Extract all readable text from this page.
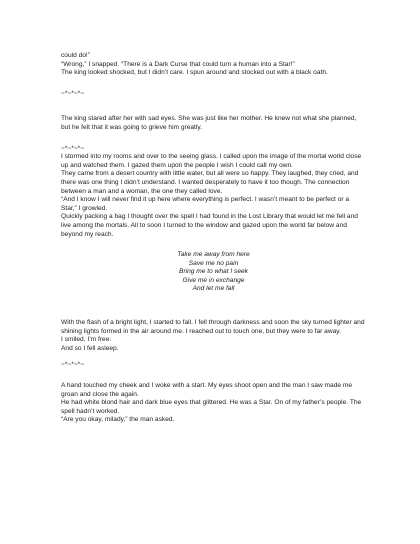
could do!”

“Wrong,” I snapped. “There is a Dark Curse that could turn a human into a Star!”

The king looked shocked, but I didn’t care. I spun around and stocked out with a black oath.

~*~*~*~

The king stared after her with sad eyes. She was just like her mother. He knew not what she planned, but he felt that it was going to grieve him greatly.

~*~*~*~

I stormed into my rooms and over to the seeing glass. I called upon the image of the mortal world close up and watched them. I gazed them upon the people I wish I could call my own.

They came from a desert country with little water, but all were so happy. They laughed, they cried, and there was one thing I didn’t understand. I wanted desperately to have it too though. The connection between a man and a woman, the one they called love.

“And I know I will never find it up here where everything is perfect. I wasn’t meant to be perfect or a Star,” I growled.

Quickly packing a bag I thought over the spell I had found in the Lost Library that would let me fell and live among the mortals. All to soon I turned to the window and gazed upon the world far below and beyond my reach.

Take me away from here

Save me no pain

Bring me to what I seek

Give me in exchange

And let me fall

With the flash of a bright light, I started to fall. I fell through darkness and soon the sky turned lighter and shining lights formed in the air around me. I reached out to touch one, but they were to far away.

I smiled. I’m free.

And so I fell asleep.

~*~*~*~

A hand touched my cheek and I woke with a start. My eyes shoot open and the man I saw made me groan and close the again.

He had white blond hair and dark blue eyes that glittered. He was a Star. On of my father’s people. The spell hadn’t worked.

“Are you okay, milady,” the man asked.
